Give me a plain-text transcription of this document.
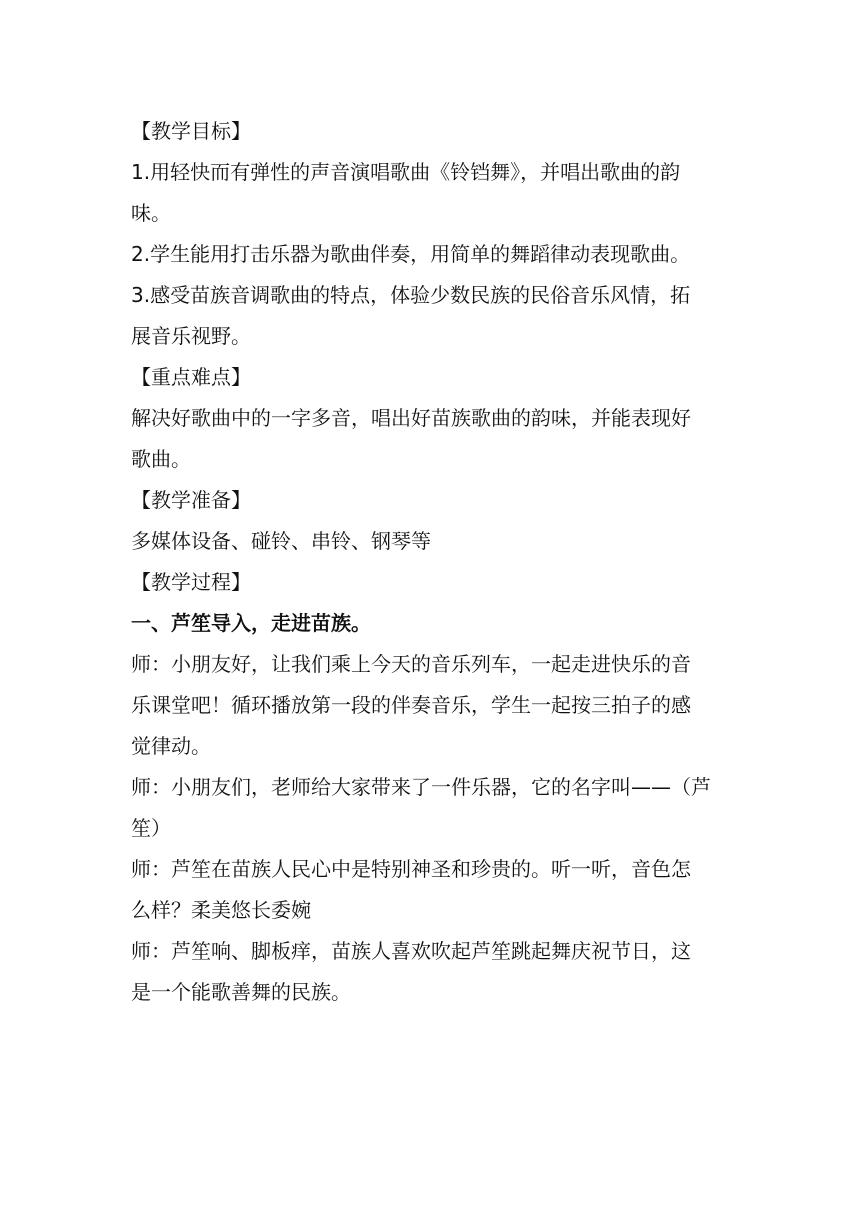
【教学目标】

1.用轻快而有弹性的声音演唱歌曲《铃铛舞》，并唱出歌曲的韵

味。

2.学生能用打击乐器为歌曲伴奏，用简单的舞蹈律动表现歌曲。

3.感受苗族音调歌曲的特点，体验少数民族的民俗音乐风情，拓

展音乐视野。

【重点难点】

解决好歌曲中的一字多音，唱出好苗族歌曲的韵味，并能表现好

歌曲。

【教学准备】

多媒体设备、碰铃、串铃、钢琴等

【教学过程】

一、芦笙导入，走进苗族。

师：小朋友好，让我们乘上今天的音乐列车，一起走进快乐的音

乐课堂吧！循环播放第一段的伴奏音乐，学生一起按三拍子的感

觉律动。

师：小朋友们，老师给大家带来了一件乐器，它的名字叫——（芦

笙）

师：芦笙在苗族人民心中是特别神圣和珍贵的。听一听，音色怎

么样？柔美悠长委婉

师：芦笙响、脚板痒，苗族人喜欢吹起芦笙跳起舞庆祝节日，这

是一个能歌善舞的民族。
